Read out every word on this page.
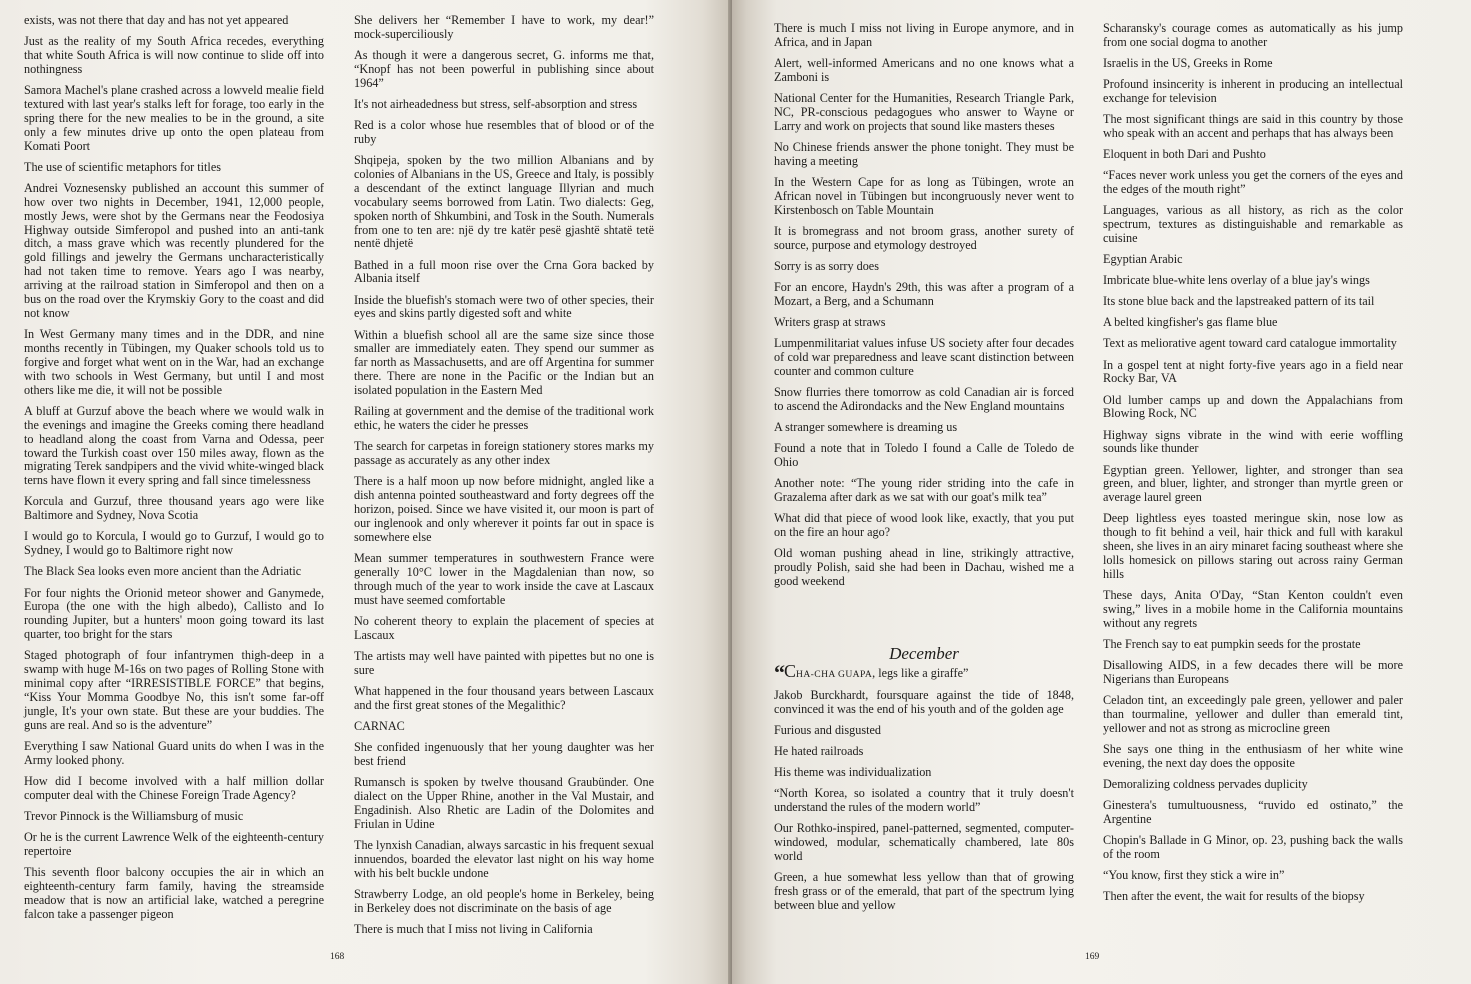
exists, was not there that day and has not yet appeared

Just as the reality of my South Africa recedes, everything that white South Africa is will now continue to slide off into nothingness

Samora Machel's plane crashed across a lowveld mealie field textured with last year's stalks left for forage, too early in the spring there for the new mealies to be in the ground, a site only a few minutes drive up onto the open plateau from Komati Poort

The use of scientific metaphors for titles

Andrei Voznesensky published an account this summer of how over two nights in December, 1941, 12,000 people, mostly Jews, were shot by the Germans near the Feodosiya Highway outside Simferopol and pushed into an anti-tank ditch, a mass grave which was recently plundered for the gold fillings and jewelry the Germans uncharacteristically had not taken time to remove. Years ago I was nearby, arriving at the railroad station in Simferopol and then on a bus on the road over the Krymskiy Gory to the coast and did not know

In West Germany many times and in the DDR, and nine months recently in Tübingen, my Quaker schools told us to forgive and forget what went on in the War, had an exchange with two schools in West Germany, but until I and most others like me die, it will not be possible

A bluff at Gurzuf above the beach where we would walk in the evenings and imagine the Greeks coming there headland to headland along the coast from Varna and Odessa, peer toward the Turkish coast over 150 miles away, flown as the migrating Terek sandpipers and the vivid white-winged black terns have flown it every spring and fall since timelessness

Korcula and Gurzuf, three thousand years ago were like Baltimore and Sydney, Nova Scotia

I would go to Korcula, I would go to Gurzuf, I would go to Sydney, I would go to Baltimore right now

The Black Sea looks even more ancient than the Adriatic

For four nights the Orionid meteor shower and Ganymede, Europa (the one with the high albedo), Callisto and Io rounding Jupiter, but a hunters' moon going toward its last quarter, too bright for the stars

Staged photograph of four infantrymen thigh-deep in a swamp with huge M-16s on two pages of Rolling Stone with minimal copy after “IRRESISTIBLE FORCE” that begins, “Kiss Your Momma Goodbye No, this isn't some far-off jungle, It's your own state. But these are your buddies. The guns are real. And so is the adventure”

Everything I saw National Guard units do when I was in the Army looked phony.

How did I become involved with a half million dollar computer deal with the Chinese Foreign Trade Agency?

Trevor Pinnock is the Williamsburg of music

Or he is the current Lawrence Welk of the eighteenth-century repertoire

This seventh floor balcony occupies the air in which an eighteenth-century farm family, having the streamside meadow that is now an artificial lake, watched a peregrine falcon take a passenger pigeon

She delivers her “Remember I have to work, my dear!” mock-superciliously

As though it were a dangerous secret, G. informs me that, “Knopf has not been powerful in publishing since about 1964”

It's not airheadedness but stress, self-absorption and stress

Red is a color whose hue resembles that of blood or of the ruby

Shqipeja, spoken by the two million Albanians and by colonies of Albanians in the US, Greece and Italy, is possibly a descendant of the extinct language Illyrian and much vocabulary seems borrowed from Latin. Two dialects: Geg, spoken north of Shkumbini, and Tosk in the South. Numerals from one to ten are: një dy tre katër pesë gjashtë shtatë tetë nentë dhjetë

Bathed in a full moon rise over the Crna Gora backed by Albania itself

Inside the bluefish's stomach were two of other species, their eyes and skins partly digested soft and white

Within a bluefish school all are the same size since those smaller are immediately eaten. They spend our summer as far north as Massachusetts, and are off Argentina for summer there. There are none in the Pacific or the Indian but an isolated population in the Eastern Med

Railing at government and the demise of the traditional work ethic, he waters the cider he presses

The search for carpetas in foreign stationery stores marks my passage as accurately as any other index

There is a half moon up now before midnight, angled like a dish antenna pointed southeastward and forty degrees off the horizon, poised. Since we have visited it, our moon is part of our inglenook and only wherever it points far out in space is somewhere else

Mean summer temperatures in southwestern France were generally 10°C lower in the Magdalenian than now, so through much of the year to work inside the cave at Lascaux must have seemed comfortable

No coherent theory to explain the placement of species at Lascaux

The artists may well have painted with pipettes but no one is sure

What happened in the four thousand years between Lascaux and the first great stones of the Megalithic?

CARNAC

She confided ingenuously that her young daughter was her best friend

Rumansch is spoken by twelve thousand Graubünder. One dialect on the Upper Rhine, another in the Val Mustair, and Engadinish. Also Rhetic are Ladin of the Dolomites and Friulan in Udine

The lynxish Canadian, always sarcastic in his frequent sexual innuendos, boarded the elevator last night on his way home with his belt buckle undone

Strawberry Lodge, an old people's home in Berkeley, being in Berkeley does not discriminate on the basis of age

There is much that I miss not living in California

168

There is much I miss not living in Europe anymore, and in Africa, and in Japan

Alert, well-informed Americans and no one knows what a Zamboni is

National Center for the Humanities, Research Triangle Park, NC, PR-conscious pedagogues who answer to Wayne or Larry and work on projects that sound like masters theses

No Chinese friends answer the phone tonight. They must be having a meeting

In the Western Cape for as long as Tübingen, wrote an African novel in Tübingen but incongruously never went to Kirstenbosch on Table Mountain

It is bromegrass and not broom grass, another surety of source, purpose and etymology destroyed

Sorry is as sorry does

For an encore, Haydn's 29th, this was after a program of a Mozart, a Berg, and a Schumann

Writers grasp at straws

Lumpenmilitariat values infuse US society after four decades of cold war preparedness and leave scant distinction between counter and common culture

Snow flurries there tomorrow as cold Canadian air is forced to ascend the Adirondacks and the New England mountains

A stranger somewhere is dreaming us

Found a note that in Toledo I found a Calle de Toledo de Ohio

Another note: “The young rider striding into the cafe in Grazalema after dark as we sat with our goat's milk tea”

What did that piece of wood look like, exactly, that you put on the fire an hour ago?

Old woman pushing ahead in line, strikingly attractive, proudly Polish, said she had been in Dachau, wished me a good weekend

December

“CHA-CHA GUAPA, legs like a giraffe”

Jakob Burckhardt, foursquare against the tide of 1848, convinced it was the end of his youth and of the golden age

Furious and disgusted

He hated railroads

His theme was individualization

“North Korea, so isolated a country that it truly doesn't understand the rules of the modern world”

Our Rothko-inspired, panel-patterned, segmented, computer-windowed, modular, schematically chambered, late 80s world

Green, a hue somewhat less yellow than that of growing fresh grass or of the emerald, that part of the spectrum lying between blue and yellow

Scharansky's courage comes as automatically as his jump from one social dogma to another

Israelis in the US, Greeks in Rome

Profound insincerity is inherent in producing an intellectual exchange for television

The most significant things are said in this country by those who speak with an accent and perhaps that has always been

Eloquent in both Dari and Pushto

“Faces never work unless you get the corners of the eyes and the edges of the mouth right”

Languages, various as all history, as rich as the color spectrum, textures as distinguishable and remarkable as cuisine

Egyptian Arabic

Imbricate blue-white lens overlay of a blue jay's wings

Its stone blue back and the lapstreaked pattern of its tail

A belted kingfisher's gas flame blue

Text as meliorative agent toward card catalogue immortality

In a gospel tent at night forty-five years ago in a field near Rocky Bar, VA

Old lumber camps up and down the Appalachians from Blowing Rock, NC

Highway signs vibrate in the wind with eerie woffling sounds like thunder

Egyptian green. Yellower, lighter, and stronger than sea green, and bluer, lighter, and stronger than myrtle green or average laurel green

Deep lightless eyes toasted meringue skin, nose low as though to fit behind a veil, hair thick and full with karakul sheen, she lives in an airy minaret facing southeast where she lolls homesick on pillows staring out across rainy German hills

These days, Anita O'Day, “Stan Kenton couldn't even swing,” lives in a mobile home in the California mountains without any regrets

The French say to eat pumpkin seeds for the prostate

Disallowing AIDS, in a few decades there will be more Nigerians than Europeans

Celadon tint, an exceedingly pale green, yellower and paler than tourmaline, yellower and duller than emerald tint, yellower and not as strong as microcline green

She says one thing in the enthusiasm of her white wine evening, the next day does the opposite

Demoralizing coldness pervades duplicity

Ginestera's tumultuousness, “ruvido ed ostinato,” the Argentine

Chopin's Ballade in G Minor, op. 23, pushing back the walls of the room

“You know, first they stick a wire in”

Then after the event, the wait for results of the biopsy

169
